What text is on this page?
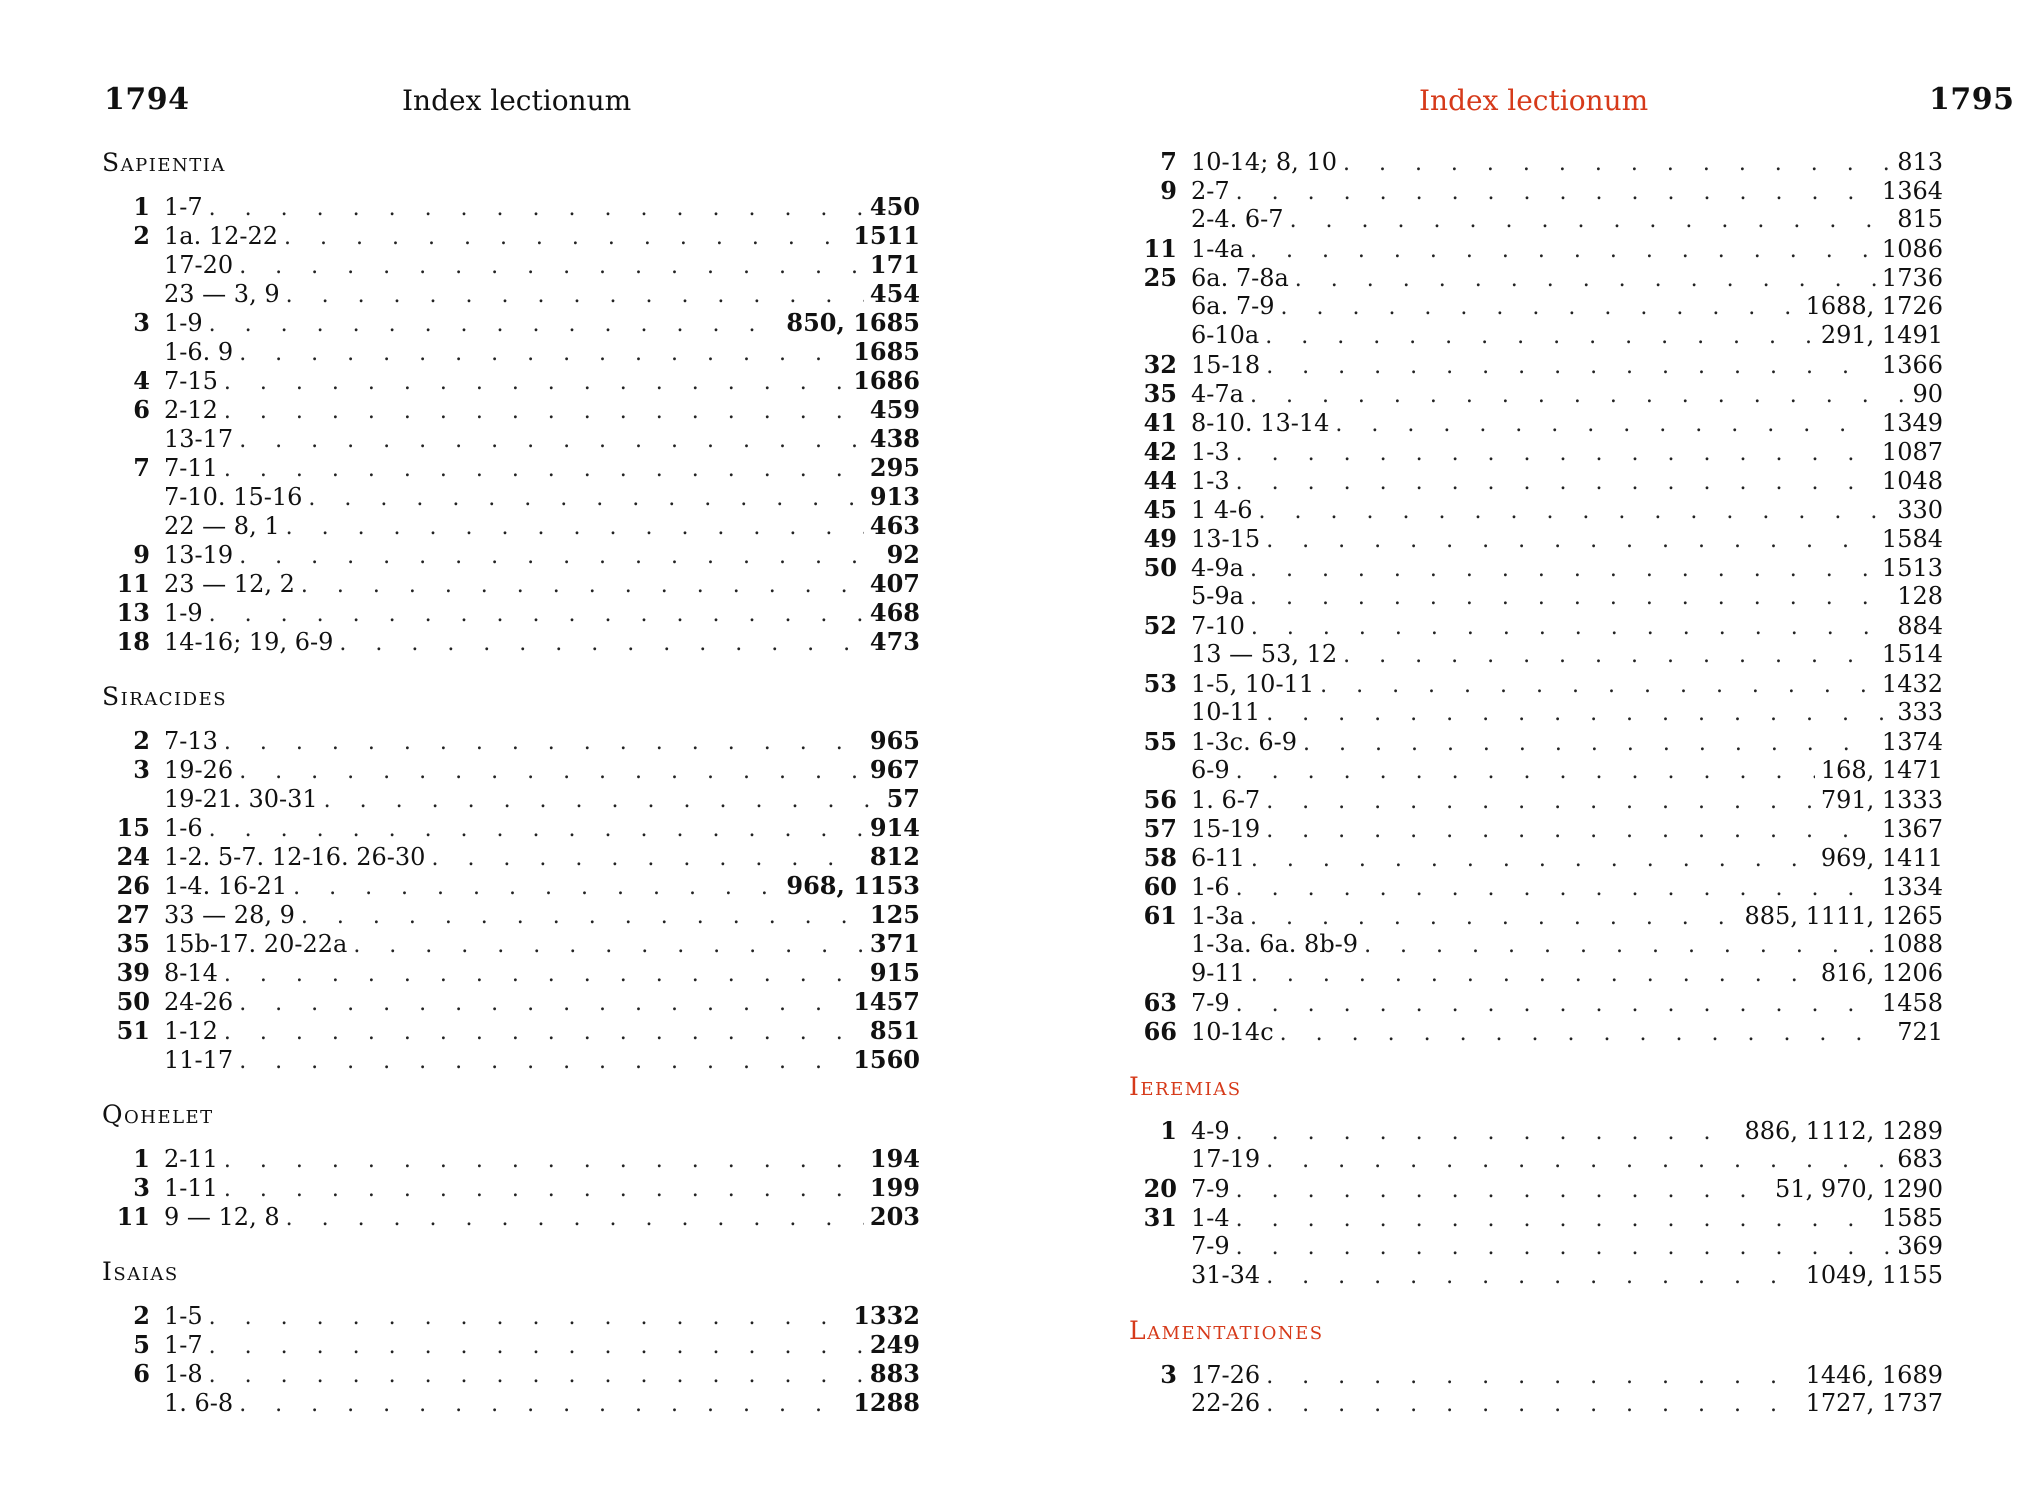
1794	Index lectionum
Sapientia
1 1-7 . . .	450
2 1a. 12-22 . . .	1511
17-20 . . .	171
23 — 3, 9 . . .	454
3 1-9 . . .	850, 1685
1-6. 9 . . .	1685
4 7-15 . . .	1686
6 2-12 . . .	459
13-17 . . .	438
7 7-11 . . .	295
7-10. 15-16 . . .	913
22 — 8, 1 . . .	463
9 13-19 . . .	92
11 23 — 12, 2 . . .	407
13 1-9 . . .	468
18 14-16; 19, 6-9 . . .	473
Siracides
2 7-13 . . .	965
3 19-26 . . .	967
19-21. 30-31 . . .	57
15 1-6 . . .	914
24 1-2. 5-7. 12-16. 26-30 . . .	812
26 1-4. 16-21 . . .	968, 1153
27 33 — 28, 9 . . .	125
35 15b-17. 20-22a . . .	371
39 8-14 . . .	915
50 24-26 . . .	1457
51 1-12 . . .	851
11-17 . . .	1560
Qohelet
1 2-11 . . .	194
3 1-11 . . .	199
11 9 — 12, 8 . . .	203
Isaias
2 1-5 . . .	1332
5 1-7 . . .	249
6 1-8 . . .	883
1. 6-8 . . .	1288
Index lectionum	1795
7 10-14; 8, 10 . . .	813
9 2-7 . . .	1364
2-4. 6-7 . . .	815
11 1-4a . . .	1086
25 6a. 7-8a . . .	1736
6a. 7-9 . . .	1688, 1726
6-10a . . .	291, 1491
32 15-18 . . .	1366
35 4-7a . . .	90
41 8-10. 13-14 . . .	1349
42 1-3 . . .	1087
44 1-3 . . .	1048
45 1 4-6 . . .	330
49 13-15 . . .	1584
50 4-9a . . .	1513
5-9a . . .	128
52 7-10 . . .	884
13 — 53, 12 . . .	1514
53 1-5, 10-11 . . .	1432
10-11 . . .	333
55 1-3c. 6-9 . . .	1374
6-9 . . .	168, 1471
56 1. 6-7 . . .	791, 1333
57 15-19 . . .	1367
58 6-11 . . .	969, 1411
60 1-6 . . .	1334
61 1-3a . . .	885, 1111, 1265
1-3a. 6a. 8b-9 . . .	1088
9-11 . . .	816, 1206
63 7-9 . . .	1458
66 10-14c . . .	721
Ieremias
1 4-9 . . .	886, 1112, 1289
17-19 . . .	683
20 7-9 . . .	51, 970, 1290
31 1-4 . . .	1585
7-9 . . .	369
31-34 . . .	1049, 1155
Lamentationes
3 17-26 . . .	1446, 1689
22-26 . . .	1727, 1737
